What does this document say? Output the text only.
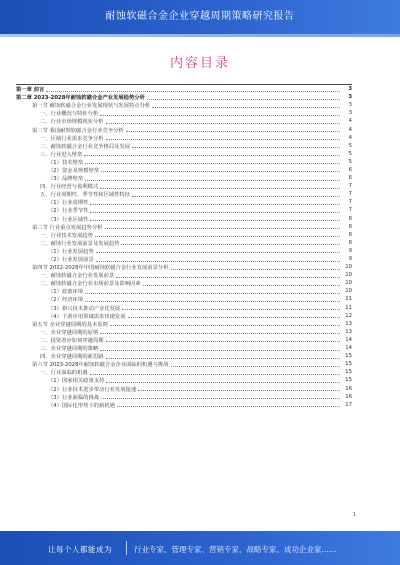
耐蚀软磁合金企业穿越周期策略研究报告
内容目录
第一章 前言	3
第二章 2023-2028年耐蚀软磁合金产业发展趋势分析	3
第一节 耐蚀软磁合金行业发展现状与发展特点分析	3
一、行业概况与特征分析	3
二、行业市场规模现状分析	4
第二节 我国耐蚀软磁合金行业竞争分析	4
一、区域行业需求竞争分析	4
二、耐蚀软磁合金行业竞争格局及发展	5
三、行业进入壁垒	5
（1）技术壁垒	5
（2）资金及规模壁垒	6
（3）品牌壁垒	6
四、行业经营与盈利模式	7
五、行业周期性、季节性和区域性特征	7
（1）行业周期性	7
（2）行业季节性	7
（3）行业区域性	8
第三节 行业重点发展趋势分析	8
一、行业技术发展趋势	8
二、耐蚀行业发展前景及发展趋势	8
（1）行业发展趋势	9
（2）行业发展前景	9
第四节 2022-2028年中国耐蚀软磁合金行业发展前景分析	10
一、耐蚀软磁合金行业发展前景	10
二、耐蚀软磁合金行业市场前景及影响因素	10
（1）政策环境	10
（2）经济环境	11
（3）新兴技术推动产业化发展	11
（4）下游应用领域需求快速发展	12
第五节 企业穿越周期的基本原则	13
一、企业穿越周期的原则	13
二、投资者应如何穿越周期	14
三、企业穿越周期的策略	14
四、企业穿越周期的新思路	15
第六节 2023-2028年耐蚀软磁合金企业面临的机遇与挑战	15
一、行业面临的机遇	15
（1）国家相关政策支持	15
（2）行业技术进步带动行业发展提速	16
（3）行业面临的挑战	16
（4）国际化形势下的新机遇	17
1
让每个人都能成为	行业专家、管理专家、营销专家、战略专家、成功企业家……
